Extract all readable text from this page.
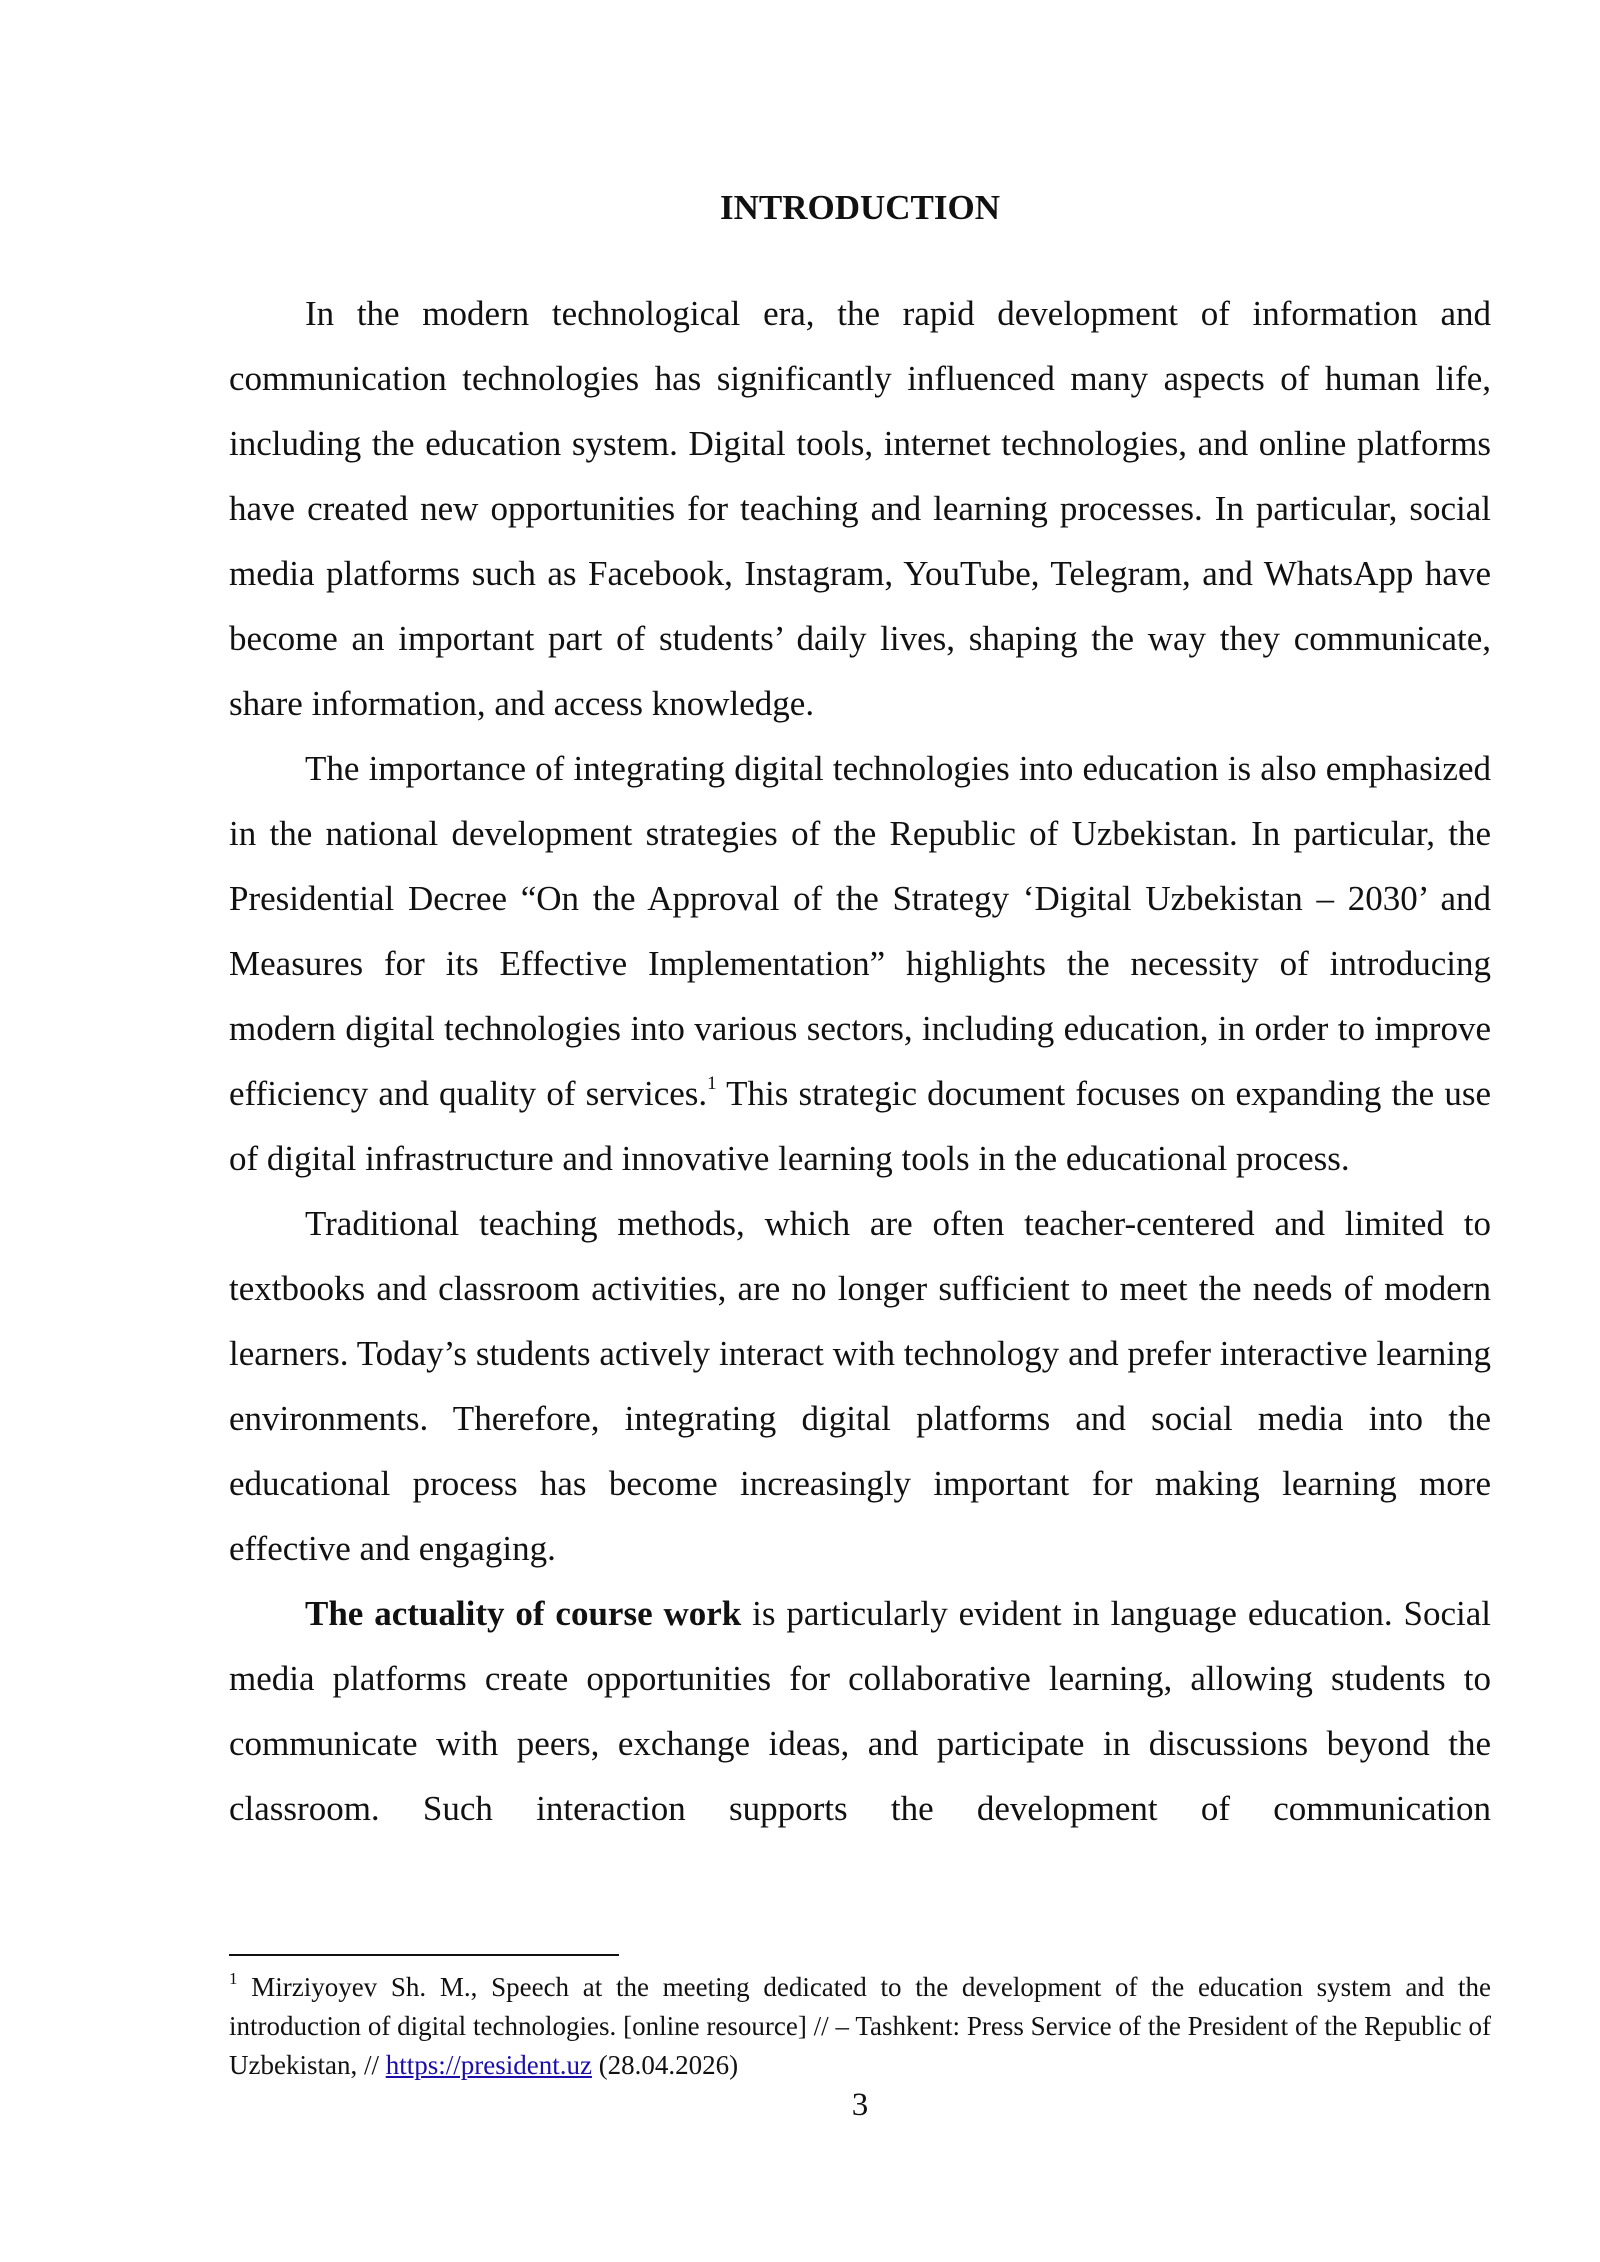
INTRODUCTION

In the modern technological era, the rapid development of information and communication technologies has significantly influenced many aspects of human life, including the education system. Digital tools, internet technologies, and online platforms have created new opportunities for teaching and learning processes. In particular, social media platforms such as Facebook, Instagram, YouTube, Telegram, and WhatsApp have become an important part of students’ daily lives, shaping the way they communicate, share information, and access knowledge.

The importance of integrating digital technologies into education is also emphasized in the national development strategies of the Republic of Uzbekistan. In particular, the Presidential Decree “On the Approval of the Strategy ‘Digital Uzbekistan – 2030’ and Measures for its Effective Implementation” highlights the necessity of introducing modern digital technologies into various sectors, including education, in order to improve efficiency and quality of services.$^1$ This strategic document focuses on expanding the use of digital infrastructure and innovative learning tools in the educational process.

Traditional teaching methods, which are often teacher-centered and limited to textbooks and classroom activities, are no longer sufficient to meet the needs of modern learners. Today’s students actively interact with technology and prefer interactive learning environments. Therefore, integrating digital platforms and social media into the educational process has become increasingly important for making learning more effective and engaging.

The actuality of course work is particularly evident in language education. Social media platforms create opportunities for collaborative learning, allowing students to communicate with peers, exchange ideas, and participate in discussions beyond the classroom. Such interaction supports the development of communication

$^1$ Mirziyoyev Sh. M., Speech at the meeting dedicated to the development of the education system and the introduction of digital technologies. [online resource] // – Tashkent: Press Service of the President of the Republic of Uzbekistan, // https://president.uz (28.04.2026)

3
